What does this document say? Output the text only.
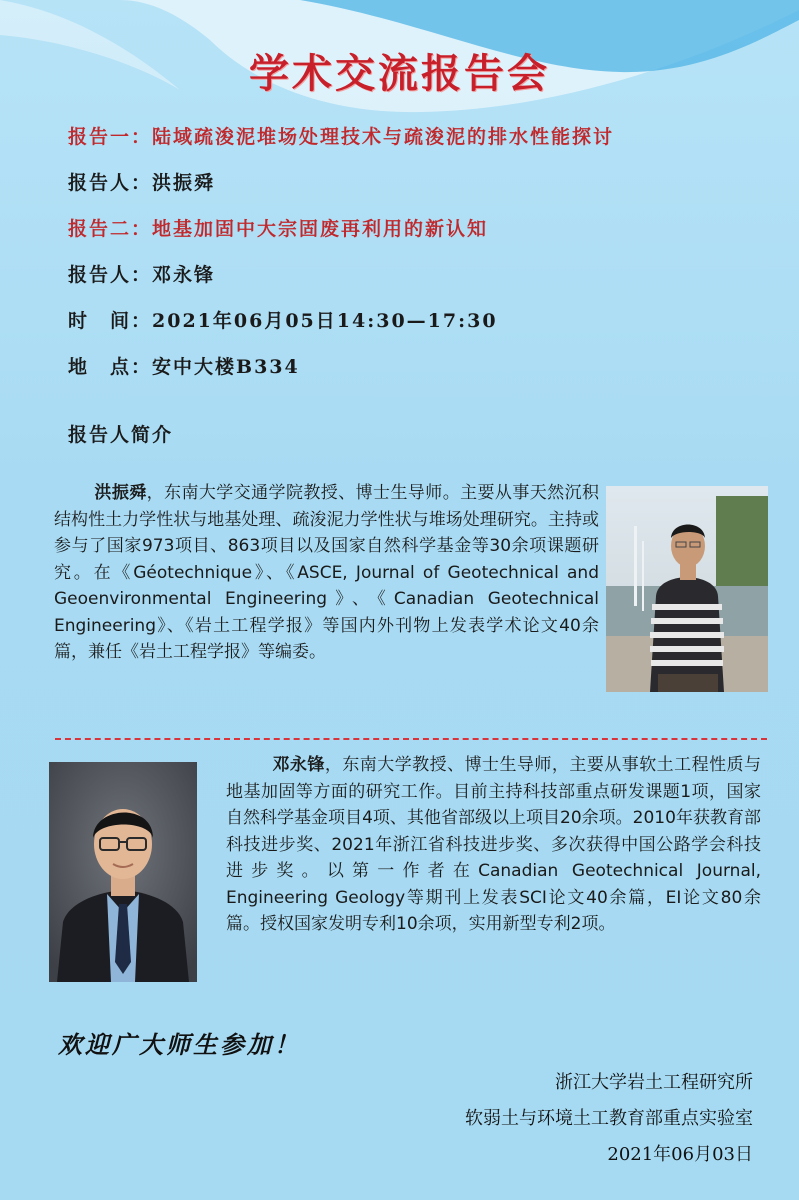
学术交流报告会
报告一：陆域疏浚泥堆场处理技术与疏浚泥的排水性能探讨
报告人：洪振舜
报告二：地基加固中大宗固废再利用的新认知
报告人：邓永锋
时　间：2021年06月05日14:30—17:30
地　点：安中大楼B334
报告人简介
洪振舜，东南大学交通学院教授、博士生导师。主要从事天然沉积结构性土力学性状与地基处理、疏浚泥力学性状与堆场处理研究。主持或参与了国家973项目、863项目以及国家自然科学基金等30余项课题研究。在《Géotechnique》、《ASCE, Journal of Geotechnical and Geoenvironmental Engineering》、《Canadian Geotechnical Engineering》、《岩土工程学报》等国内外刊物上发表学术论文40余篇，兼任《岩土工程学报》等编委。
邓永锋，东南大学教授、博士生导师，主要从事软土工程性质与地基加固等方面的研究工作。目前主持科技部重点研发课题1项，国家自然科学基金项目4项、其他省部级以上项目20余项。2010年获教育部科技进步奖、2021年浙江省科技进步奖、多次获得中国公路学会科技进步奖。以第一作者在Canadian Geotechnical Journal, Engineering Geology等期刊上发表SCI论文40余篇，EI论文80余篇。授权国家发明专利10余项，实用新型专利2项。
欢迎广大师生参加！
浙江大学岩土工程研究所
软弱土与环境土工教育部重点实验室
2021年06月03日
